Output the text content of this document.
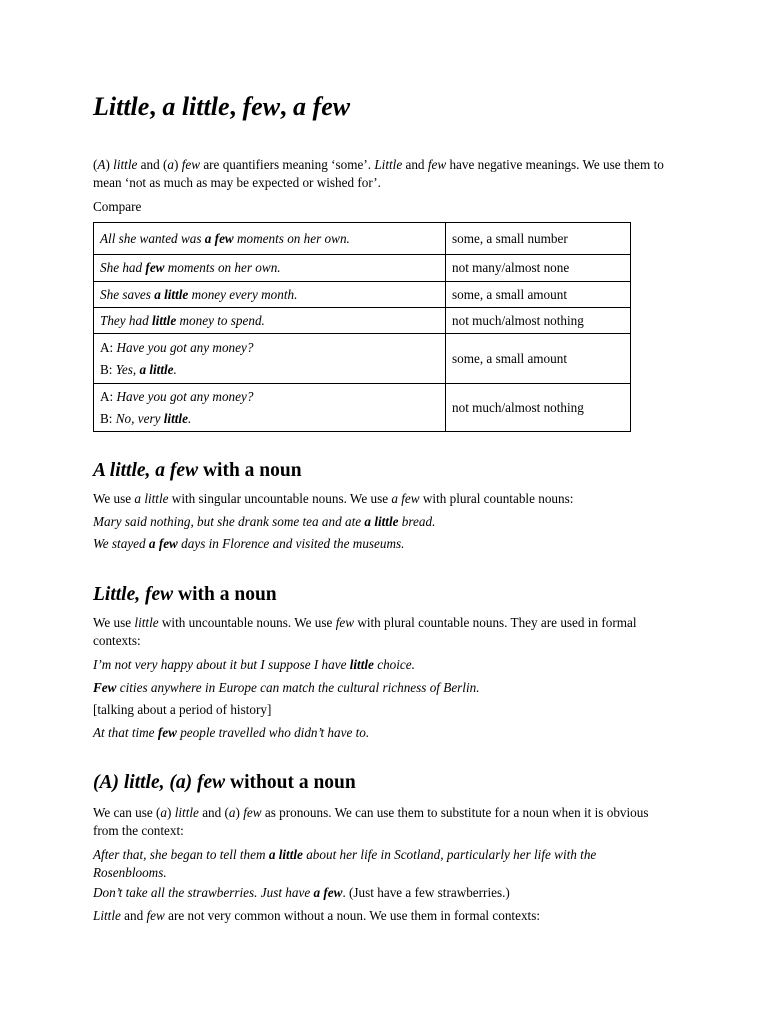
Little, a little, few, a few
(A) little and (a) few are quantifiers meaning ‘some’. Little and few have negative meanings. We use them to mean ‘not as much as may be expected or wished for’.
Compare
All she wanted was a few moments on her own.	some, a small number
She had few moments on her own.	not many/almost none
She saves a little money every month.	some, a small amount
They had little money to spend.	not much/almost nothing
A: Have you got any money?
B: Yes, a little.	some, a small amount
A: Have you got any money?
B: No, very little.	not much/almost nothing
A little, a few with a noun
We use a little with singular uncountable nouns. We use a few with plural countable nouns:
Mary said nothing, but she drank some tea and ate a little bread.
We stayed a few days in Florence and visited the museums.
Little, few with a noun
We use little with uncountable nouns. We use few with plural countable nouns. They are used in formal contexts:
I’m not very happy about it but I suppose I have little choice.
Few cities anywhere in Europe can match the cultural richness of Berlin.
[talking about a period of history]
At that time few people travelled who didn’t have to.
(A) little, (a) few without a noun
We can use (a) little and (a) few as pronouns. We can use them to substitute for a noun when it is obvious from the context:
After that, she began to tell them a little about her life in Scotland, particularly her life with the Rosenblooms.
Don’t take all the strawberries. Just have a few. (Just have a few strawberries.)
Little and few are not very common without a noun. We use them in formal contexts:
